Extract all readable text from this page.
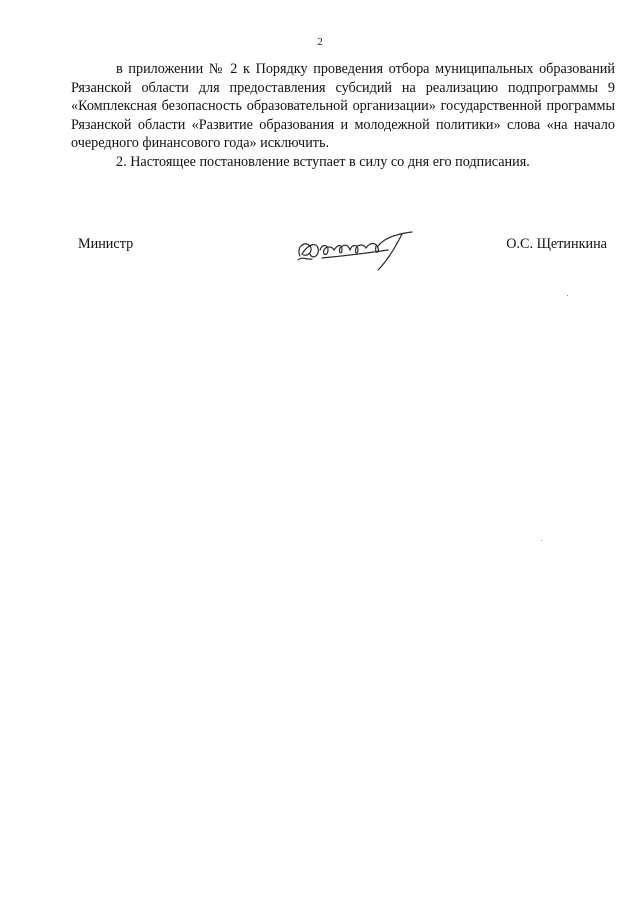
2

в приложении № 2 к Порядку проведения отбора муниципальных образований Рязанской области для предоставления субсидий на реализацию подпрограммы 9 «Комплексная безопасность образовательной организации» государственной программы Рязанской области «Развитие образования и молодежной политики» слова «на начало очередного финансового года» исключить.

2. Настоящее постановление вступает в силу со дня его подписания.

Министр	О.С. Щетинкина
